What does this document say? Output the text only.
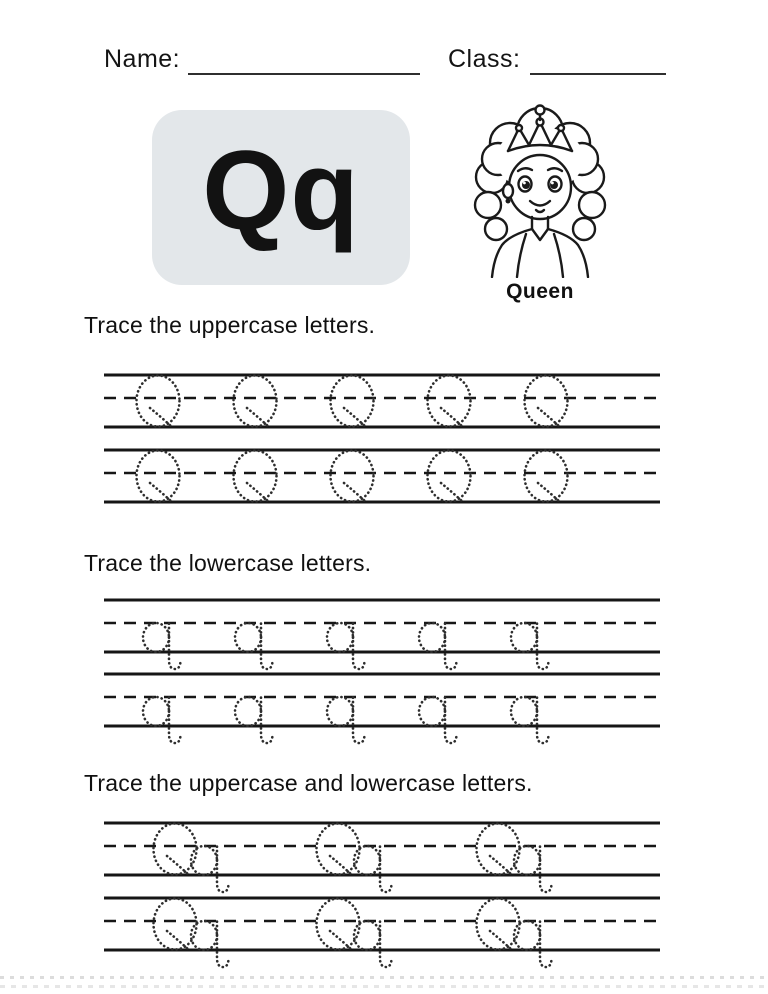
Name:	Class:
Qq
Queen
Trace the uppercase letters.
Trace the lowercase letters.
Trace the uppercase and lowercase letters.
